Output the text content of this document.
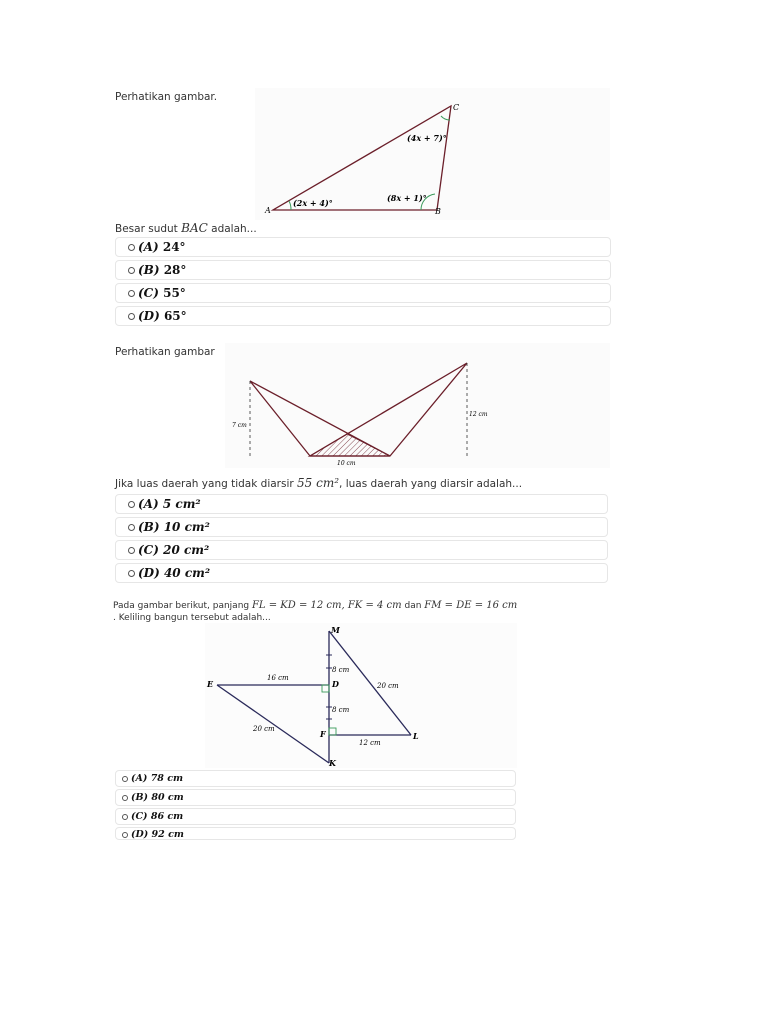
Perhatikan gambar.
A	B
C
(2x + 4)°	(8x + 1)°
(4x + 7)°
Besar sudut BAC adalah...
(A) 24°
(B) 28°
(C) 55°
(D) 65°
Perhatikan gambar
7 cm
12 cm
10 cm
Jika luas daerah yang tidak diarsir 55 cm², luas daerah yang diarsir adalah...
(A) 5 cm²
(B) 10 cm²
(C) 20 cm²
(D) 40 cm²
Pada gambar berikut, panjang FL = KD = 12 cm, FK = 4 cm dan FM = DE = 16 cm
. Keliling bangun tersebut adalah...
M
E	D
F	L
K
16 cm
8 cm
8 cm
20 cm
20 cm
12 cm
(A) 78 cm
(B) 80 cm
(C) 86 cm
(D) 92 cm
